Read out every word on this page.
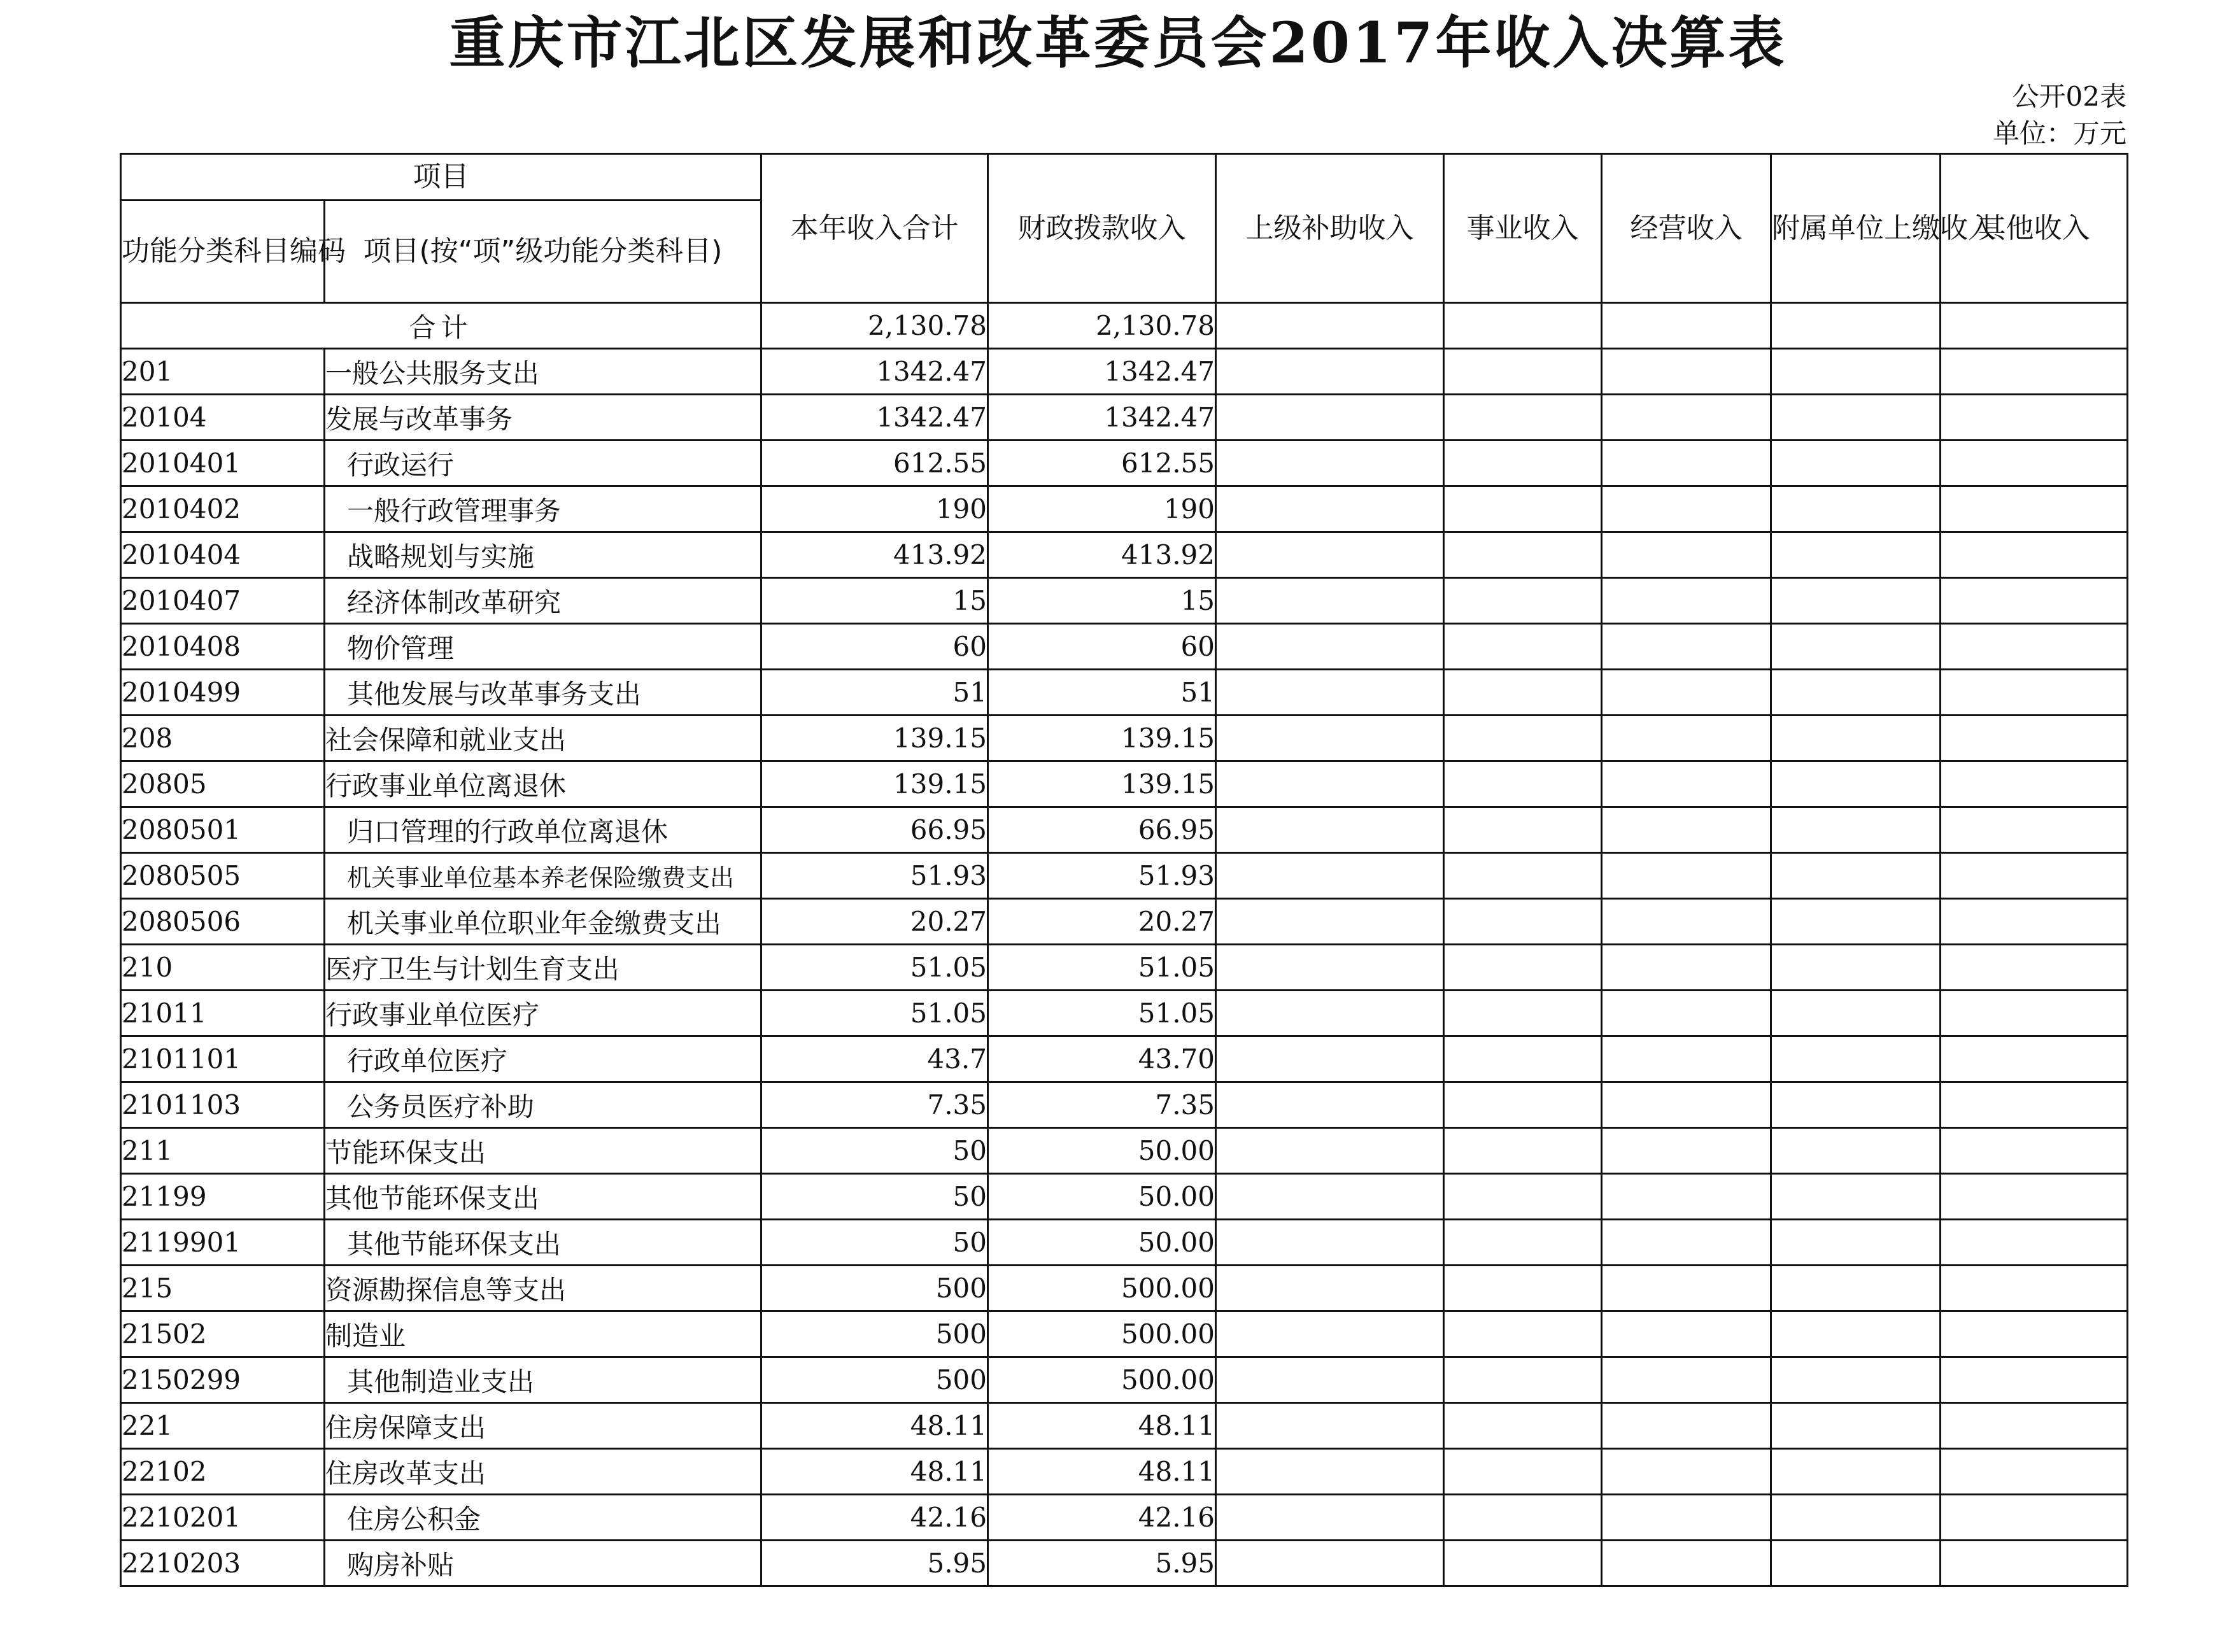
重庆市江北区发展和改革委员会2017年收入决算表
公开02表
单位：万元
项目		本年收入合计	财政拨款收入	上级补助收入	事业收入	经营收入	附属单位上缴收入	其他收入
功能分类科目编码	项目(按“项”级功能分类科目)							
合计		2,130.78	2,130.78					
201	一般公共服务支出	1342.47	1342.47					
20104	发展与改革事务	1342.47	1342.47					
2010401	行政运行	612.55	612.55					
2010402	一般行政管理事务	190	190					
2010404	战略规划与实施	413.92	413.92					
2010407	经济体制改革研究	15	15					
2010408	物价管理	60	60					
2010499	其他发展与改革事务支出	51	51					
208	社会保障和就业支出	139.15	139.15					
20805	行政事业单位离退休	139.15	139.15					
2080501	归口管理的行政单位离退休	66.95	66.95					
2080505	机关事业单位基本养老保险缴费支出	51.93	51.93					
2080506	机关事业单位职业年金缴费支出	20.27	20.27					
210	医疗卫生与计划生育支出	51.05	51.05					
21011	行政事业单位医疗	51.05	51.05					
2101101	行政单位医疗	43.7	43.70					
2101103	公务员医疗补助	7.35	7.35					
211	节能环保支出	50	50.00					
21199	其他节能环保支出	50	50.00					
2119901	其他节能环保支出	50	50.00					
215	资源勘探信息等支出	500	500.00					
21502	制造业	500	500.00					
2150299	其他制造业支出	500	500.00					
221	住房保障支出	48.11	48.11					
22102	住房改革支出	48.11	48.11					
2210201	住房公积金	42.16	42.16					
2210203	购房补贴	5.95	5.95					
